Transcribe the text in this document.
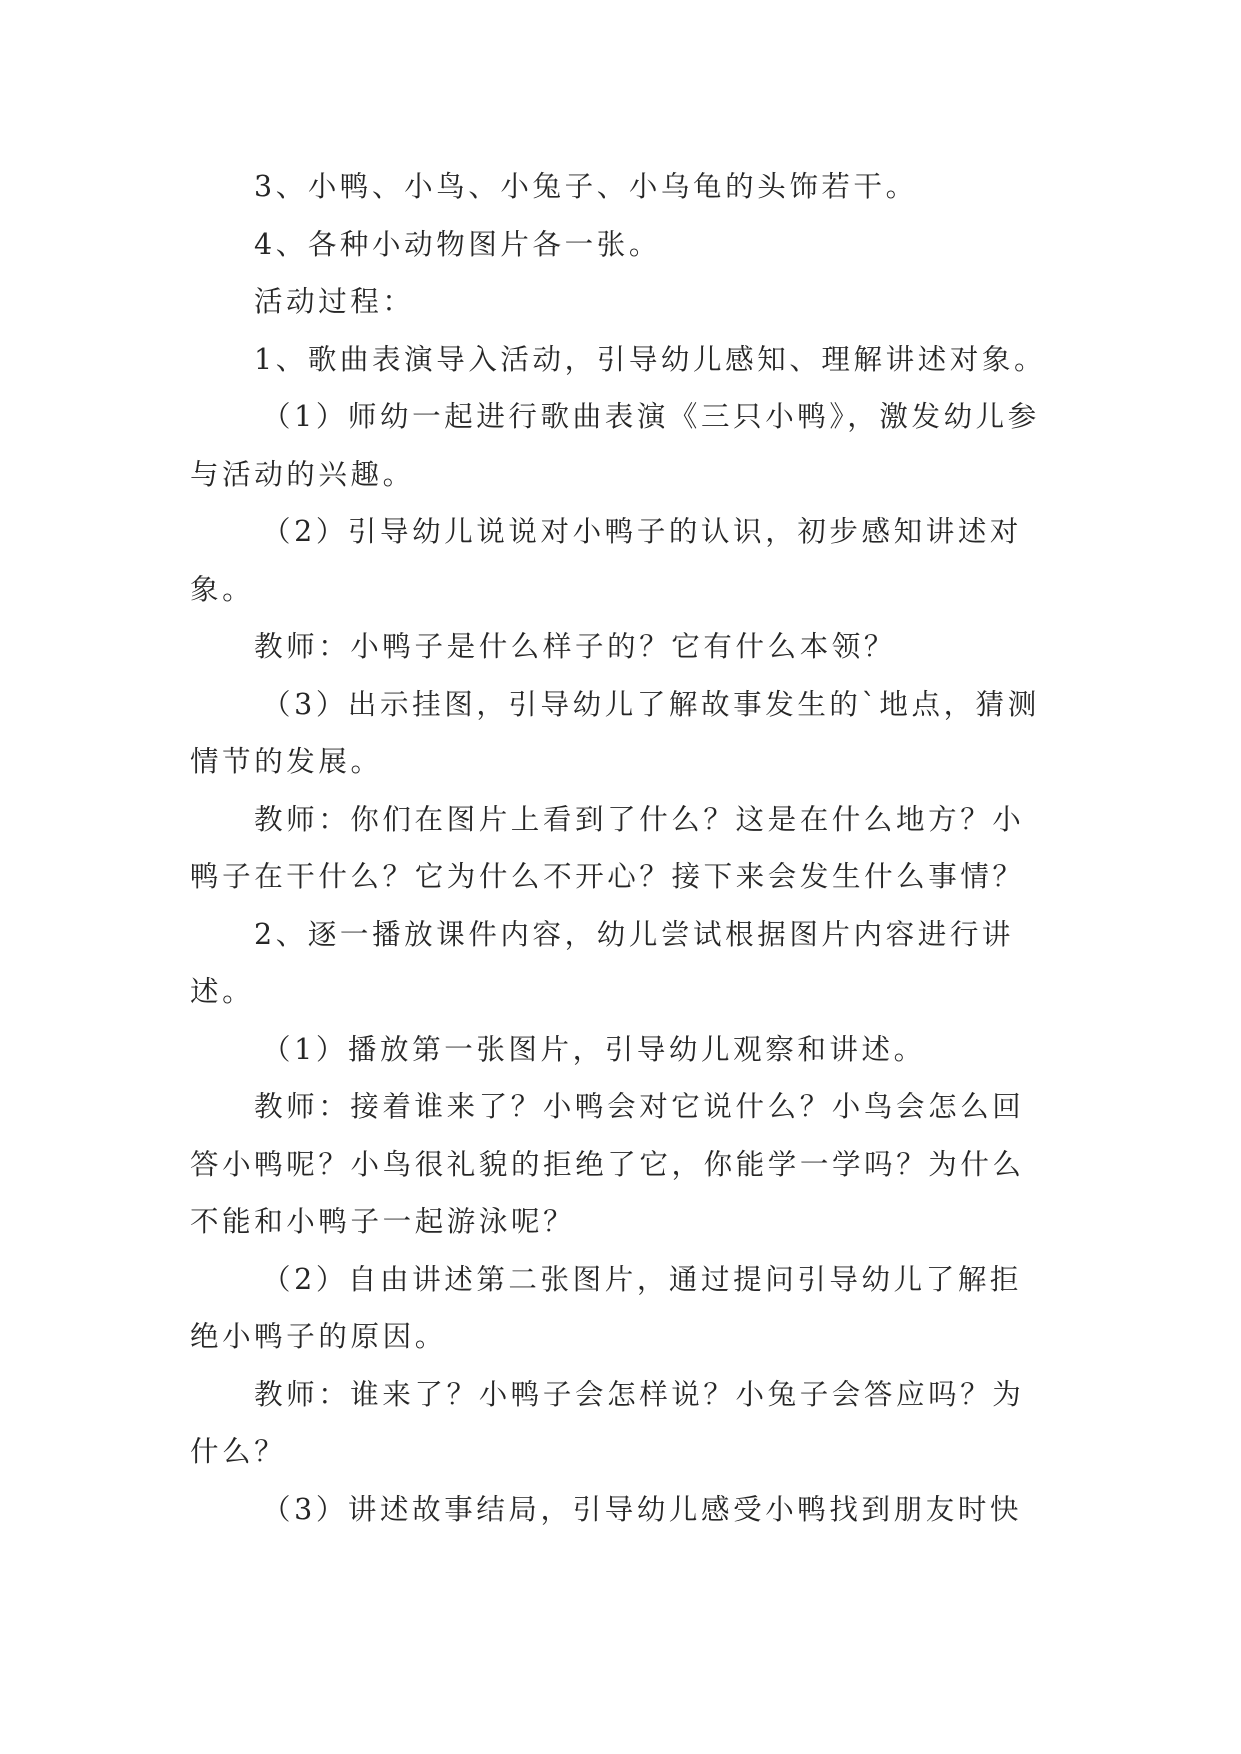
3、小鸭、小鸟、小兔子、小乌龟的头饰若干。

4、各种小动物图片各一张。

活动过程：

1、歌曲表演导入活动，引导幼儿感知、理解讲述对象。

（1）师幼一起进行歌曲表演《三只小鸭》，激发幼儿参

与活动的兴趣。

（2）引导幼儿说说对小鸭子的认识，初步感知讲述对

象。

教师：小鸭子是什么样子的？它有什么本领？

（3）出示挂图，引导幼儿了解故事发生的`地点，猜测

情节的发展。

教师：你们在图片上看到了什么？这是在什么地方？小

鸭子在干什么？它为什么不开心？接下来会发生什么事情？

2、逐一播放课件内容，幼儿尝试根据图片内容进行讲

述。

（1）播放第一张图片，引导幼儿观察和讲述。

教师：接着谁来了？小鸭会对它说什么？小鸟会怎么回

答小鸭呢？小鸟很礼貌的拒绝了它，你能学一学吗？为什么

不能和小鸭子一起游泳呢？

（2）自由讲述第二张图片，通过提问引导幼儿了解拒

绝小鸭子的原因。

教师：谁来了？小鸭子会怎样说？小兔子会答应吗？为

什么？

（3）讲述故事结局，引导幼儿感受小鸭找到朋友时快
